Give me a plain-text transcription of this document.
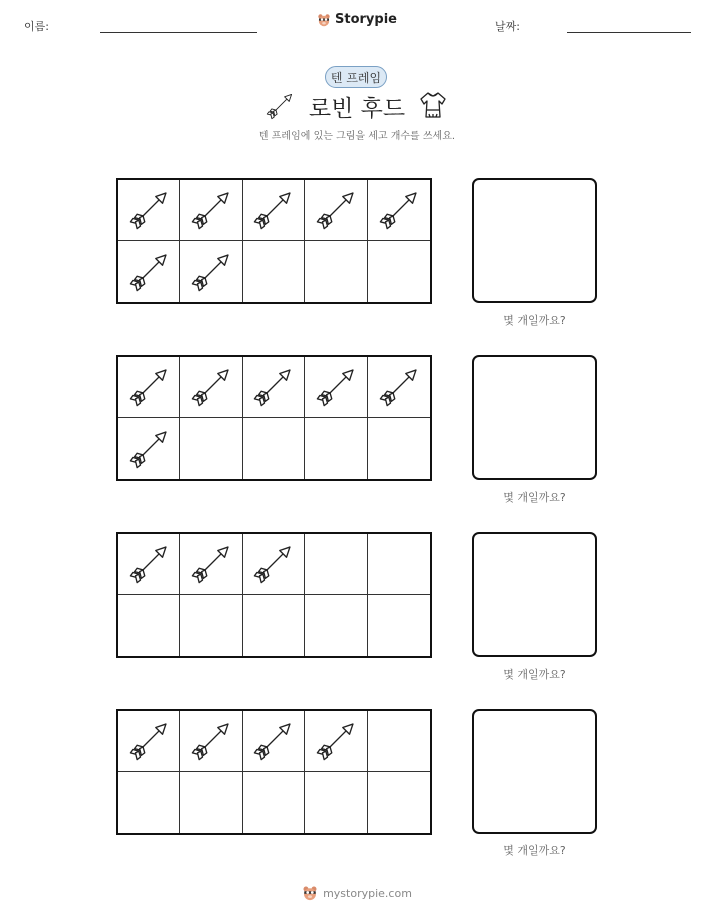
이름:	Storypie	날짜:
텐 프레임
로빈 후드
텐 프레임에 있는 그림을 세고 개수를 쓰세요.
몇 개일까요?
몇 개일까요?
몇 개일까요?
몇 개일까요?
mystorypie.com
